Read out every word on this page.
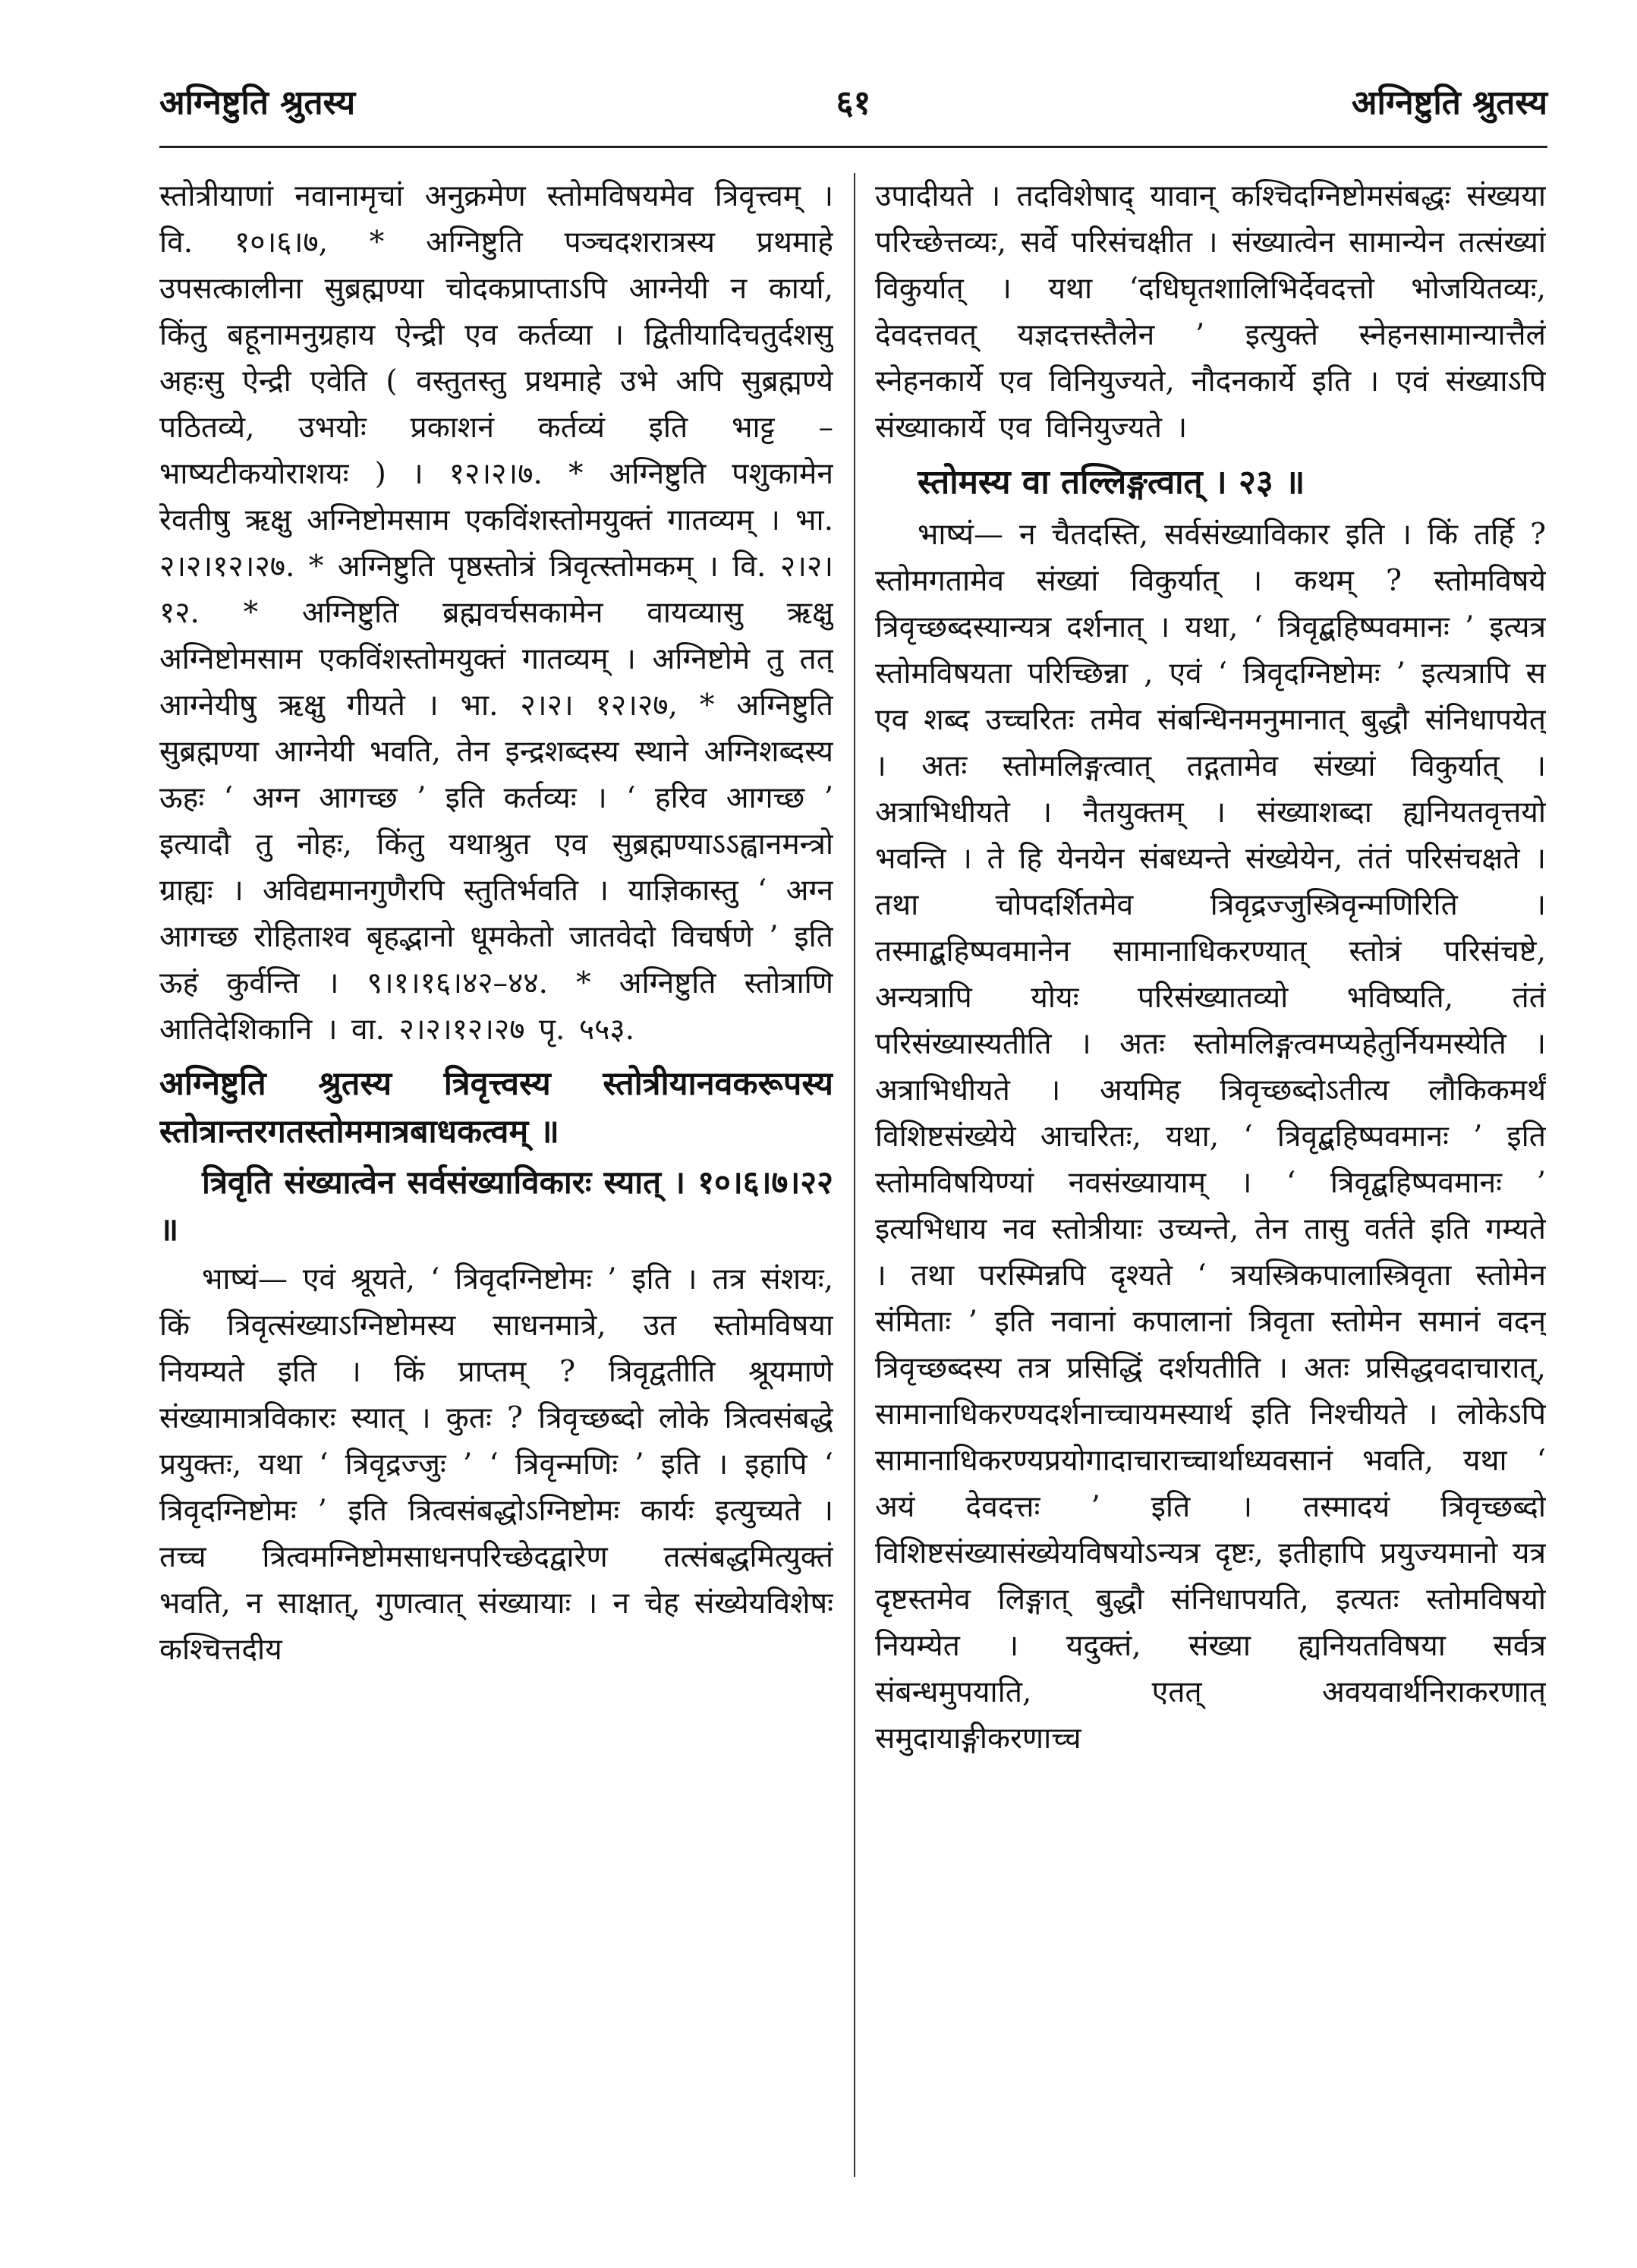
अग्निष्टुति श्रुतस्य	६१	अग्निष्टुति श्रुतस्य

स्तोत्रीयाणां नवानामृचां अनुक्रमेण स्तोमविषयमेव त्रिवृत्त्वम् । वि. १०।६।७, * अग्निष्टुति पञ्चदशरात्रस्य प्रथमाहे उपसत्कालीना सुब्रह्मण्या चोदकप्राप्ताऽपि आग्नेयी न कार्या, किंतु बहूनामनुग्रहाय ऐन्द्री एव कर्तव्या । द्वितीयादिचतुर्दशसु अहःसु ऐन्द्री एवेति ( वस्तुतस्तु प्रथमाहे उभे अपि सुब्रह्मण्ये पठितव्ये, उभयोः प्रकाशनं कर्तव्यं इति भाट्ट – भाष्यटीकयोराशयः ) । १२।२।७. * अग्निष्टुति पशुकामेन रेवतीषु ऋक्षु अग्निष्टोमसाम एकविंशस्तोमयुक्तं गातव्यम् । भा. २।२।१२।२७. * अग्निष्टुति पृष्ठस्तोत्रं त्रिवृत्स्तोमकम् । वि. २।२।१२. * अग्निष्टुति ब्रह्मवर्चसकामेन वायव्यासु ऋक्षु अग्निष्टोमसाम एकविंशस्तोमयुक्तं गातव्यम् । अग्निष्टोमे तु तत् आग्नेयीषु ऋक्षु गीयते । भा. २।२। १२।२७, * अग्निष्टुति सुब्रह्मण्या आग्नेयी भवति, तेन इन्द्रशब्दस्य स्थाने अग्निशब्दस्य ऊहः ‘ अग्न आगच्छ ’ इति कर्तव्यः । ‘ हरिव आगच्छ ’ इत्यादौ तु नोहः, किंतु यथाश्रुत एव सुब्रह्मण्याऽऽह्वानमन्त्रो ग्राह्यः । अविद्यमानगुणैरपि स्तुतिर्भवति । याज्ञिकास्तु ‘ अग्न आगच्छ रोहिताश्व बृहद्भानो धूमकेतो जातवेदो विचर्षणे ’ इति ऊहं कुर्वन्ति । ९।१।१६।४२–४४. * अग्निष्टुति स्तोत्राणि आतिदेशिकानि । वा. २।२।१२।२७ पृ. ५५३.

अग्निष्टुति श्रुतस्य त्रिवृत्त्वस्य स्तोत्रीयानवकरूपस्य स्तोत्रान्तरगतस्तोममात्रबाधकत्वम् ॥

त्रिवृति संख्यात्वेन सर्वसंख्याविकारः स्यात् । १०।६।७।२२ ॥

भाष्यं— एवं श्रूयते, ‘ त्रिवृदग्निष्टोमः ’ इति । तत्र संशयः, किं त्रिवृत्संख्याऽग्निष्टोमस्य साधनमात्रे, उत स्तोमविषया नियम्यते इति । किं प्राप्तम् ? त्रिवृद्वतीति श्रूयमाणे संख्यामात्रविकारः स्यात् । कुतः ? त्रिवृच्छब्दो लोके त्रित्वसंबद्धे प्रयुक्तः, यथा ‘ त्रिवृद्रज्जुः ’ ‘ त्रिवृन्मणिः ’ इति । इहापि ‘ त्रिवृदग्निष्टोमः ’ इति त्रित्वसंबद्धोऽग्निष्टोमः कार्यः इत्युच्यते । तच्च त्रित्वमग्निष्टोमसाधनपरिच्छेदद्वारेण तत्संबद्धमित्युक्तं भवति, न साक्षात्, गुणत्वात् संख्यायाः । न चेह संख्येयविशेषः कश्चित्तदीय

उपादीयते । तदविशेषाद् यावान् कश्चिदग्निष्टोमसंबद्धः संख्यया परिच्छेत्तव्यः, सर्वे परिसंचक्षीत । संख्यात्वेन सामान्येन तत्संख्यां विकुर्यात् । यथा ‘दधिघृतशालिभिर्देवदत्तो भोजयितव्यः, देवदत्तवत् यज्ञदत्तस्तैलेन ’ इत्युक्ते स्नेहनसामान्यात्तैलं स्नेहनकार्ये एव विनियुज्यते, नौदनकार्ये इति । एवं संख्याऽपि संख्याकार्ये एव विनियुज्यते ।

स्तोमस्य वा तल्लिङ्गत्वात् । २३ ॥

भाष्यं— न चैतदस्ति, सर्वसंख्याविकार इति । किं तर्हि ? स्तोमगतामेव संख्यां विकुर्यात् । कथम् ? स्तोमविषये त्रिवृच्छब्दस्यान्यत्र दर्शनात् । यथा, ‘ त्रिवृद्बहिष्पवमानः ’ इत्यत्र स्तोमविषयता परिच्छिन्ना , एवं ‘ त्रिवृदग्निष्टोमः ’ इत्यत्रापि स एव शब्द उच्चरितः तमेव संबन्धिनमनुमानात् बुद्धौ संनिधापयेत् । अतः स्तोमलिङ्गत्वात् तद्गतामेव संख्यां विकुर्यात् । अत्राभिधीयते । नैतयुक्तम् । संख्याशब्दा ह्यनियतवृत्तयो भवन्ति । ते हि येनयेन संबध्यन्ते संख्येयेन, तंतं परिसंचक्षते । तथा चोपदर्शितमेव त्रिवृद्रज्जुस्त्रिवृन्मणिरिति । तस्माद्बहिष्पवमानेन सामानाधिकरण्यात् स्तोत्रं परिसंचष्टे, अन्यत्रापि योयः परिसंख्यातव्यो भविष्यति, तंतं परिसंख्यास्यतीति । अतः स्तोमलिङ्गत्वमप्यहेतुर्नियमस्येति । अत्राभिधीयते । अयमिह त्रिवृच्छब्दोऽतीत्य लौकिकमर्थं विशिष्टसंख्येये आचरितः, यथा, ‘ त्रिवृद्बहिष्पवमानः ’ इति स्तोमविषयिण्यां नवसंख्यायाम् । ‘ त्रिवृद्बहिष्पवमानः ’ इत्यभिधाय नव स्तोत्रीयाः उच्यन्ते, तेन तासु वर्तते इति गम्यते । तथा परस्मिन्नपि दृश्यते ‘ त्रयस्त्रिकपालास्त्रिवृता स्तोमेन संमिताः ’ इति नवानां कपालानां त्रिवृता स्तोमेन समानं वदन् त्रिवृच्छब्दस्य तत्र प्रसिद्धिं दर्शयतीति । अतः प्रसिद्धवदाचारात्, सामानाधिकरण्यदर्शनाच्चायमस्यार्थ इति निश्चीयते । लोकेऽपि सामानाधिकरण्यप्रयोगादाचाराच्चार्थाध्यवसानं भवति, यथा ‘ अयं देवदत्तः ’ इति । तस्मादयं त्रिवृच्छब्दो विशिष्टसंख्यासंख्येयविषयोऽन्यत्र दृष्टः, इतीहापि प्रयुज्यमानो यत्र दृष्टस्तमेव लिङ्गात् बुद्धौ संनिधापयति, इत्यतः स्तोमविषयो नियम्येत । यदुक्तं, संख्या ह्यनियतविषया सर्वत्र संबन्धमुपयाति, एतत् अवयवार्थनिराकरणात् समुदायाङ्गीकरणाच्च
